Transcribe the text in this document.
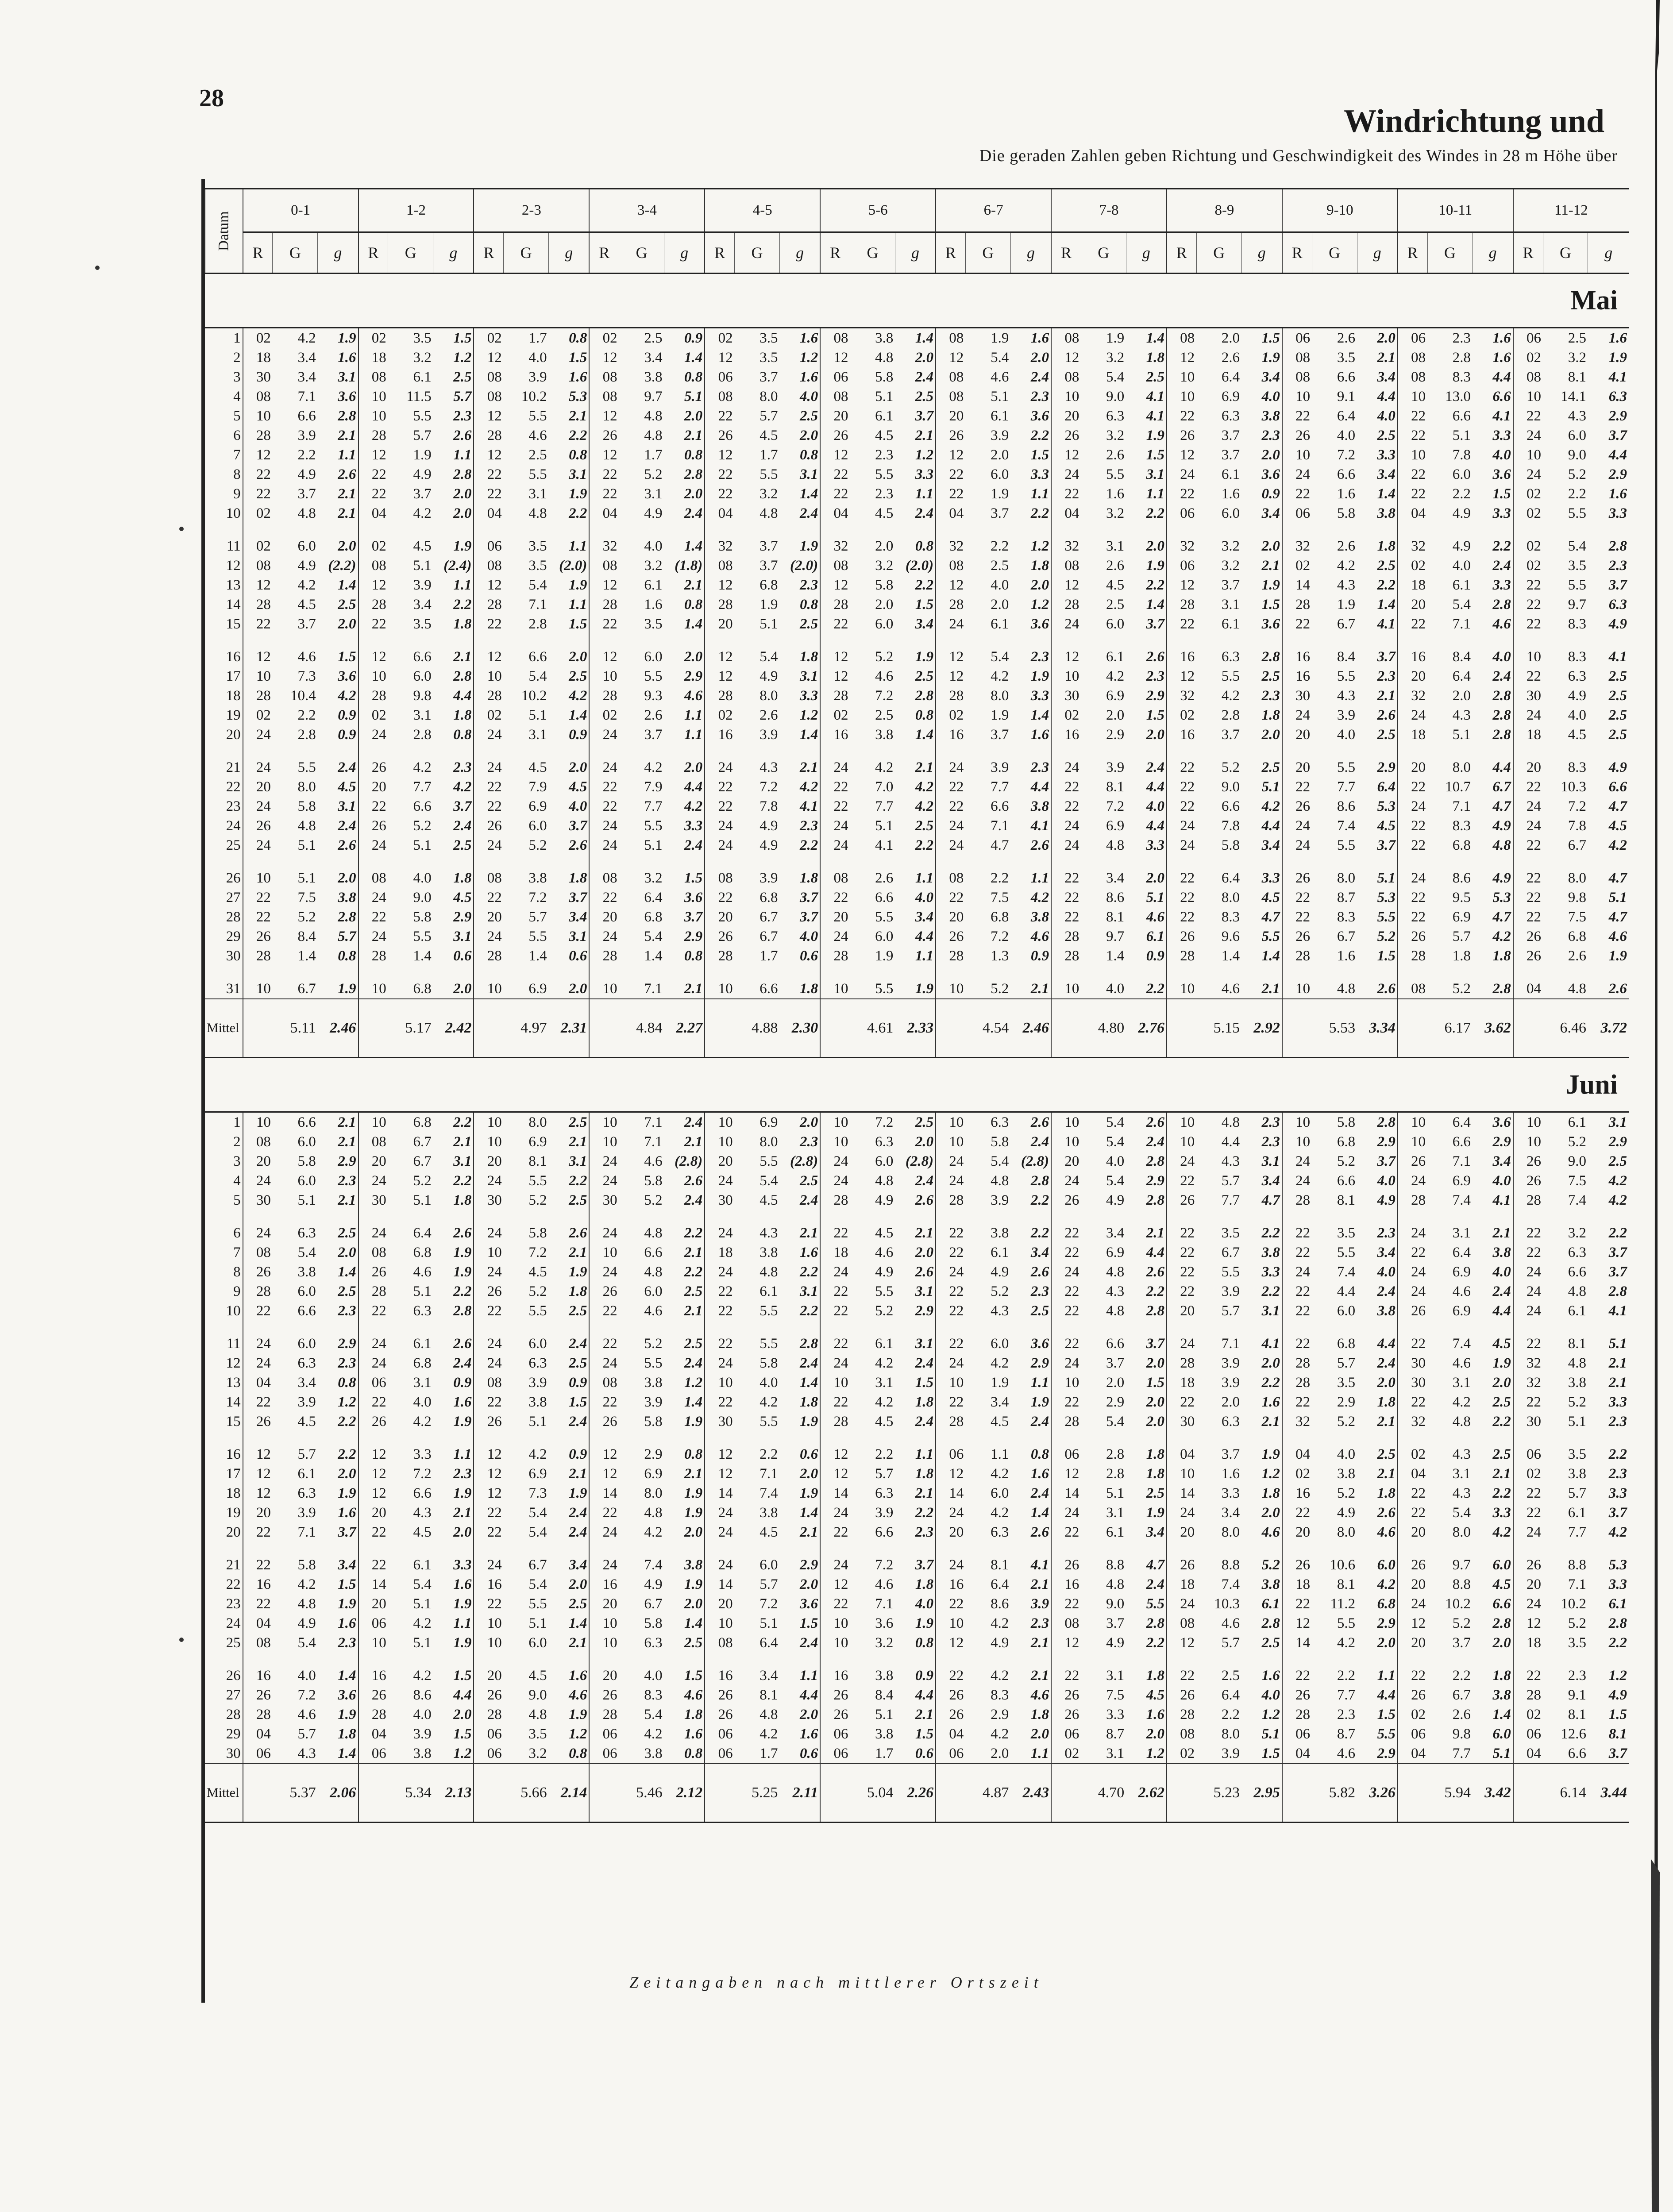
28
Windrichtung und
Die geraden Zahlen geben Richtung und Geschwindigkeit des Windes in 28 m Höhe über
Datum	0-1			1-2			2-3			3-4			4-5			5-6			6-7			7-8			8-9			9-10			10-11			11-12		
	R	G	g	R	G	g	R	G	g	R	G	g	R	G	g	R	G	g	R	G	g	R	G	g	R	G	g	R	G	g	R	G	g	R	G	g
Mai																																				
1	02	4.2	1.9	02	3.5	1.5	02	1.7	0.8	02	2.5	0.9	02	3.5	1.6	08	3.8	1.4	08	1.9	1.6	08	1.9	1.4	08	2.0	1.5	06	2.6	2.0	06	2.3	1.6	06	2.5	1.6
2	18	3.4	1.6	18	3.2	1.2	12	4.0	1.5	12	3.4	1.4	12	3.5	1.2	12	4.8	2.0	12	5.4	2.0	12	3.2	1.8	12	2.6	1.9	08	3.5	2.1	08	2.8	1.6	02	3.2	1.9
3	30	3.4	3.1	08	6.1	2.5	08	3.9	1.6	08	3.8	0.8	06	3.7	1.6	06	5.8	2.4	08	4.6	2.4	08	5.4	2.5	10	6.4	3.4	08	6.6	3.4	08	8.3	4.4	08	8.1	4.1
4	08	7.1	3.6	10	11.5	5.7	08	10.2	5.3	08	9.7	5.1	08	8.0	4.0	08	5.1	2.5	08	5.1	2.3	10	9.0	4.1	10	6.9	4.0	10	9.1	4.4	10	13.0	6.6	10	14.1	6.3
5	10	6.6	2.8	10	5.5	2.3	12	5.5	2.1	12	4.8	2.0	22	5.7	2.5	20	6.1	3.7	20	6.1	3.6	20	6.3	4.1	22	6.3	3.8	22	6.4	4.0	22	6.6	4.1	22	4.3	2.9
6	28	3.9	2.1	28	5.7	2.6	28	4.6	2.2	26	4.8	2.1	26	4.5	2.0	26	4.5	2.1	26	3.9	2.2	26	3.2	1.9	26	3.7	2.3	26	4.0	2.5	22	5.1	3.3	24	6.0	3.7
7	12	2.2	1.1	12	1.9	1.1	12	2.5	0.8	12	1.7	0.8	12	1.7	0.8	12	2.3	1.2	12	2.0	1.5	12	2.6	1.5	12	3.7	2.0	10	7.2	3.3	10	7.8	4.0	10	9.0	4.4
8	22	4.9	2.6	22	4.9	2.8	22	5.5	3.1	22	5.2	2.8	22	5.5	3.1	22	5.5	3.3	22	6.0	3.3	24	5.5	3.1	24	6.1	3.6	24	6.6	3.4	22	6.0	3.6	24	5.2	2.9
9	22	3.7	2.1	22	3.7	2.0	22	3.1	1.9	22	3.1	2.0	22	3.2	1.4	22	2.3	1.1	22	1.9	1.1	22	1.6	1.1	22	1.6	0.9	22	1.6	1.4	22	2.2	1.5	02	2.2	1.6
10	02	4.8	2.1	04	4.2	2.0	04	4.8	2.2	04	4.9	2.4	04	4.8	2.4	04	4.5	2.4	04	3.7	2.2	04	3.2	2.2	06	6.0	3.4	06	5.8	3.8	04	4.9	3.3	02	5.5	3.3
11	02	6.0	2.0	02	4.5	1.9	06	3.5	1.1	32	4.0	1.4	32	3.7	1.9	32	2.0	0.8	32	2.2	1.2	32	3.1	2.0	32	3.2	2.0	32	2.6	1.8	32	4.9	2.2	02	5.4	2.8
12	08	4.9	(2.2)	08	5.1	(2.4)	08	3.5	(2.0)	08	3.2	(1.8)	08	3.7	(2.0)	08	3.2	(2.0)	08	2.5	1.8	08	2.6	1.9	06	3.2	2.1	02	4.2	2.5	02	4.0	2.4	02	3.5	2.3
13	12	4.2	1.4	12	3.9	1.1	12	5.4	1.9	12	6.1	2.1	12	6.8	2.3	12	5.8	2.2	12	4.0	2.0	12	4.5	2.2	12	3.7	1.9	14	4.3	2.2	18	6.1	3.3	22	5.5	3.7
14	28	4.5	2.5	28	3.4	2.2	28	7.1	1.1	28	1.6	0.8	28	1.9	0.8	28	2.0	1.5	28	2.0	1.2	28	2.5	1.4	28	3.1	1.5	28	1.9	1.4	20	5.4	2.8	22	9.7	6.3
15	22	3.7	2.0	22	3.5	1.8	22	2.8	1.5	22	3.5	1.4	20	5.1	2.5	22	6.0	3.4	24	6.1	3.6	24	6.0	3.7	22	6.1	3.6	22	6.7	4.1	22	7.1	4.6	22	8.3	4.9
16	12	4.6	1.5	12	6.6	2.1	12	6.6	2.0	12	6.0	2.0	12	5.4	1.8	12	5.2	1.9	12	5.4	2.3	12	6.1	2.6	16	6.3	2.8	16	8.4	3.7	16	8.4	4.0	10	8.3	4.1
17	10	7.3	3.6	10	6.0	2.8	10	5.4	2.5	10	5.5	2.9	12	4.9	3.1	12	4.6	2.5	12	4.2	1.9	10	4.2	2.3	12	5.5	2.5	16	5.5	2.3	20	6.4	2.4	22	6.3	2.5
18	28	10.4	4.2	28	9.8	4.4	28	10.2	4.2	28	9.3	4.6	28	8.0	3.3	28	7.2	2.8	28	8.0	3.3	30	6.9	2.9	32	4.2	2.3	30	4.3	2.1	32	2.0	2.8	30	4.9	2.5
19	02	2.2	0.9	02	3.1	1.8	02	5.1	1.4	02	2.6	1.1	02	2.6	1.2	02	2.5	0.8	02	1.9	1.4	02	2.0	1.5	02	2.8	1.8	24	3.9	2.6	24	4.3	2.8	24	4.0	2.5
20	24	2.8	0.9	24	2.8	0.8	24	3.1	0.9	24	3.7	1.1	16	3.9	1.4	16	3.8	1.4	16	3.7	1.6	16	2.9	2.0	16	3.7	2.0	20	4.0	2.5	18	5.1	2.8	18	4.5	2.5
21	24	5.5	2.4	26	4.2	2.3	24	4.5	2.0	24	4.2	2.0	24	4.3	2.1	24	4.2	2.1	24	3.9	2.3	24	3.9	2.4	22	5.2	2.5	20	5.5	2.9	20	8.0	4.4	20	8.3	4.9
22	20	8.0	4.5	20	7.7	4.2	22	7.9	4.5	22	7.9	4.4	22	7.2	4.2	22	7.0	4.2	22	7.7	4.4	22	8.1	4.4	22	9.0	5.1	22	7.7	6.4	22	10.7	6.7	22	10.3	6.6
23	24	5.8	3.1	22	6.6	3.7	22	6.9	4.0	22	7.7	4.2	22	7.8	4.1	22	7.7	4.2	22	6.6	3.8	22	7.2	4.0	22	6.6	4.2	26	8.6	5.3	24	7.1	4.7	24	7.2	4.7
24	26	4.8	2.4	26	5.2	2.4	26	6.0	3.7	24	5.5	3.3	24	4.9	2.3	24	5.1	2.5	24	7.1	4.1	24	6.9	4.4	24	7.8	4.4	24	7.4	4.5	22	8.3	4.9	24	7.8	4.5
25	24	5.1	2.6	24	5.1	2.5	24	5.2	2.6	24	5.1	2.4	24	4.9	2.2	24	4.1	2.2	24	4.7	2.6	24	4.8	3.3	24	5.8	3.4	24	5.5	3.7	22	6.8	4.8	22	6.7	4.2
26	10	5.1	2.0	08	4.0	1.8	08	3.8	1.8	08	3.2	1.5	08	3.9	1.8	08	2.6	1.1	08	2.2	1.1	22	3.4	2.0	22	6.4	3.3	26	8.0	5.1	24	8.6	4.9	22	8.0	4.7
27	22	7.5	3.8	24	9.0	4.5	22	7.2	3.7	22	6.4	3.6	22	6.8	3.7	22	6.6	4.0	22	7.5	4.2	22	8.6	5.1	22	8.0	4.5	22	8.7	5.3	22	9.5	5.3	22	9.8	5.1
28	22	5.2	2.8	22	5.8	2.9	20	5.7	3.4	20	6.8	3.7	20	6.7	3.7	20	5.5	3.4	20	6.8	3.8	22	8.1	4.6	22	8.3	4.7	22	8.3	5.5	22	6.9	4.7	22	7.5	4.7
29	26	8.4	5.7	24	5.5	3.1	24	5.5	3.1	24	5.4	2.9	26	6.7	4.0	24	6.0	4.4	26	7.2	4.6	28	9.7	6.1	26	9.6	5.5	26	6.7	5.2	26	5.7	4.2	26	6.8	4.6
30	28	1.4	0.8	28	1.4	0.6	28	1.4	0.6	28	1.4	0.8	28	1.7	0.6	28	1.9	1.1	28	1.3	0.9	28	1.4	0.9	28	1.4	1.4	28	1.6	1.5	28	1.8	1.8	26	2.6	1.9
31	10	6.7	1.9	10	6.8	2.0	10	6.9	2.0	10	7.1	2.1	10	6.6	1.8	10	5.5	1.9	10	5.2	2.1	10	4.0	2.2	10	4.6	2.1	10	4.8	2.6	08	5.2	2.8	04	4.8	2.6
Mittel		5.11	2.46		5.17	2.42		4.97	2.31		4.84	2.27		4.88	2.30		4.61	2.33		4.54	2.46		4.80	2.76		5.15	2.92		5.53	3.34		6.17	3.62		6.46	3.72
Juni																																				
1	10	6.6	2.1	10	6.8	2.2	10	8.0	2.5	10	7.1	2.4	10	6.9	2.0	10	7.2	2.5	10	6.3	2.6	10	5.4	2.6	10	4.8	2.3	10	5.8	2.8	10	6.4	3.6	10	6.1	3.1
2	08	6.0	2.1	08	6.7	2.1	10	6.9	2.1	10	7.1	2.1	10	8.0	2.3	10	6.3	2.0	10	5.8	2.4	10	5.4	2.4	10	4.4	2.3	10	6.8	2.9	10	6.6	2.9	10	5.2	2.9
3	20	5.8	2.9	20	6.7	3.1	20	8.1	3.1	24	4.6	(2.8)	20	5.5	(2.8)	24	6.0	(2.8)	24	5.4	(2.8)	20	4.0	2.8	24	4.3	3.1	24	5.2	3.7	26	7.1	3.4	26	9.0	2.5
4	24	6.0	2.3	24	5.2	2.2	24	5.5	2.2	24	5.8	2.6	24	5.4	2.5	24	4.8	2.4	24	4.8	2.8	24	5.4	2.9	22	5.7	3.4	24	6.6	4.0	24	6.9	4.0	26	7.5	4.2
5	30	5.1	2.1	30	5.1	1.8	30	5.2	2.5	30	5.2	2.4	30	4.5	2.4	28	4.9	2.6	28	3.9	2.2	26	4.9	2.8	26	7.7	4.7	28	8.1	4.9	28	7.4	4.1	28	7.4	4.2
6	24	6.3	2.5	24	6.4	2.6	24	5.8	2.6	24	4.8	2.2	24	4.3	2.1	22	4.5	2.1	22	3.8	2.2	22	3.4	2.1	22	3.5	2.2	22	3.5	2.3	24	3.1	2.1	22	3.2	2.2
7	08	5.4	2.0	08	6.8	1.9	10	7.2	2.1	10	6.6	2.1	18	3.8	1.6	18	4.6	2.0	22	6.1	3.4	22	6.9	4.4	22	6.7	3.8	22	5.5	3.4	22	6.4	3.8	22	6.3	3.7
8	26	3.8	1.4	26	4.6	1.9	24	4.5	1.9	24	4.8	2.2	24	4.8	2.2	24	4.9	2.6	24	4.9	2.6	24	4.8	2.6	22	5.5	3.3	24	7.4	4.0	24	6.9	4.0	24	6.6	3.7
9	28	6.0	2.5	28	5.1	2.2	26	5.2	1.8	26	6.0	2.5	22	6.1	3.1	22	5.5	3.1	22	5.2	2.3	22	4.3	2.2	22	3.9	2.2	22	4.4	2.4	24	4.6	2.4	24	4.8	2.8
10	22	6.6	2.3	22	6.3	2.8	22	5.5	2.5	22	4.6	2.1	22	5.5	2.2	22	5.2	2.9	22	4.3	2.5	22	4.8	2.8	20	5.7	3.1	22	6.0	3.8	26	6.9	4.4	24	6.1	4.1
11	24	6.0	2.9	24	6.1	2.6	24	6.0	2.4	22	5.2	2.5	22	5.5	2.8	22	6.1	3.1	22	6.0	3.6	22	6.6	3.7	24	7.1	4.1	22	6.8	4.4	22	7.4	4.5	22	8.1	5.1
12	24	6.3	2.3	24	6.8	2.4	24	6.3	2.5	24	5.5	2.4	24	5.8	2.4	24	4.2	2.4	24	4.2	2.9	24	3.7	2.0	28	3.9	2.0	28	5.7	2.4	30	4.6	1.9	32	4.8	2.1
13	04	3.4	0.8	06	3.1	0.9	08	3.9	0.9	08	3.8	1.2	10	4.0	1.4	10	3.1	1.5	10	1.9	1.1	10	2.0	1.5	18	3.9	2.2	28	3.5	2.0	30	3.1	2.0	32	3.8	2.1
14	22	3.9	1.2	22	4.0	1.6	22	3.8	1.5	22	3.9	1.4	22	4.2	1.8	22	4.2	1.8	22	3.4	1.9	22	2.9	2.0	22	2.0	1.6	22	2.9	1.8	22	4.2	2.5	22	5.2	3.3
15	26	4.5	2.2	26	4.2	1.9	26	5.1	2.4	26	5.8	1.9	30	5.5	1.9	28	4.5	2.4	28	4.5	2.4	28	5.4	2.0	30	6.3	2.1	32	5.2	2.1	32	4.8	2.2	30	5.1	2.3
16	12	5.7	2.2	12	3.3	1.1	12	4.2	0.9	12	2.9	0.8	12	2.2	0.6	12	2.2	1.1	06	1.1	0.8	06	2.8	1.8	04	3.7	1.9	04	4.0	2.5	02	4.3	2.5	06	3.5	2.2
17	12	6.1	2.0	12	7.2	2.3	12	6.9	2.1	12	6.9	2.1	12	7.1	2.0	12	5.7	1.8	12	4.2	1.6	12	2.8	1.8	10	1.6	1.2	02	3.8	2.1	04	3.1	2.1	02	3.8	2.3
18	12	6.3	1.9	12	6.6	1.9	12	7.3	1.9	14	8.0	1.9	14	7.4	1.9	14	6.3	2.1	14	6.0	2.4	14	5.1	2.5	14	3.3	1.8	16	5.2	1.8	22	4.3	2.2	22	5.7	3.3
19	20	3.9	1.6	20	4.3	2.1	22	5.4	2.4	22	4.8	1.9	24	3.8	1.4	24	3.9	2.2	24	4.2	1.4	24	3.1	1.9	24	3.4	2.0	22	4.9	2.6	22	5.4	3.3	22	6.1	3.7
20	22	7.1	3.7	22	4.5	2.0	22	5.4	2.4	24	4.2	2.0	24	4.5	2.1	22	6.6	2.3	20	6.3	2.6	22	6.1	3.4	20	8.0	4.6	20	8.0	4.6	20	8.0	4.2	24	7.7	4.2
21	22	5.8	3.4	22	6.1	3.3	24	6.7	3.4	24	7.4	3.8	24	6.0	2.9	24	7.2	3.7	24	8.1	4.1	26	8.8	4.7	26	8.8	5.2	26	10.6	6.0	26	9.7	6.0	26	8.8	5.3
22	16	4.2	1.5	14	5.4	1.6	16	5.4	2.0	16	4.9	1.9	14	5.7	2.0	12	4.6	1.8	16	6.4	2.1	16	4.8	2.4	18	7.4	3.8	18	8.1	4.2	20	8.8	4.5	20	7.1	3.3
23	22	4.8	1.9	20	5.1	1.9	22	5.5	2.5	20	6.7	2.0	20	7.2	3.6	22	7.1	4.0	22	8.6	3.9	22	9.0	5.5	24	10.3	6.1	22	11.2	6.8	24	10.2	6.6	24	10.2	6.1
24	04	4.9	1.6	06	4.2	1.1	10	5.1	1.4	10	5.8	1.4	10	5.1	1.5	10	3.6	1.9	10	4.2	2.3	08	3.7	2.8	08	4.6	2.8	12	5.5	2.9	12	5.2	2.8	12	5.2	2.8
25	08	5.4	2.3	10	5.1	1.9	10	6.0	2.1	10	6.3	2.5	08	6.4	2.4	10	3.2	0.8	12	4.9	2.1	12	4.9	2.2	12	5.7	2.5	14	4.2	2.0	20	3.7	2.0	18	3.5	2.2
26	16	4.0	1.4	16	4.2	1.5	20	4.5	1.6	20	4.0	1.5	16	3.4	1.1	16	3.8	0.9	22	4.2	2.1	22	3.1	1.8	22	2.5	1.6	22	2.2	1.1	22	2.2	1.8	22	2.3	1.2
27	26	7.2	3.6	26	8.6	4.4	26	9.0	4.6	26	8.3	4.6	26	8.1	4.4	26	8.4	4.4	26	8.3	4.6	26	7.5	4.5	26	6.4	4.0	26	7.7	4.4	26	6.7	3.8	28	9.1	4.9
28	28	4.6	1.9	28	4.0	2.0	28	4.8	1.9	28	5.4	1.8	26	4.8	2.0	26	5.1	2.1	26	2.9	1.8	26	3.3	1.6	28	2.2	1.2	28	2.3	1.5	02	2.6	1.4	02	8.1	1.5
29	04	5.7	1.8	04	3.9	1.5	06	3.5	1.2	06	4.2	1.6	06	4.2	1.6	06	3.8	1.5	04	4.2	2.0	06	8.7	2.0	08	8.0	5.1	06	8.7	5.5	06	9.8	6.0	06	12.6	8.1
30	06	4.3	1.4	06	3.8	1.2	06	3.2	0.8	06	3.8	0.8	06	1.7	0.6	06	1.7	0.6	06	2.0	1.1	02	3.1	1.2	02	3.9	1.5	04	4.6	2.9	04	7.7	5.1	04	6.6	3.7
Mittel		5.37	2.06		5.34	2.13		5.66	2.14		5.46	2.12		5.25	2.11		5.04	2.26		4.87	2.43		4.70	2.62		5.23	2.95		5.82	3.26		5.94	3.42		6.14	3.44
Zeitangaben nach mittlerer Ortszeit
